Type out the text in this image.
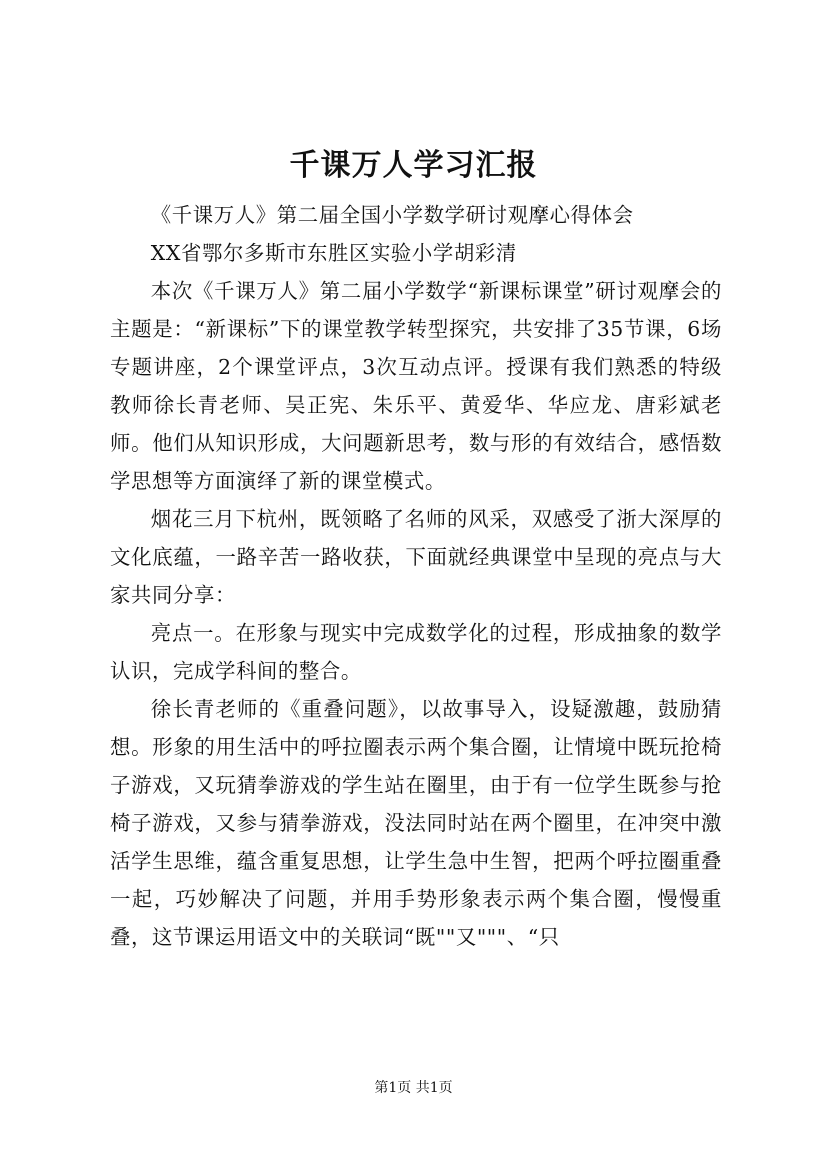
千课万人学习汇报

《千课万人》第二届全国小学数学研讨观摩心得体会

XX省鄂尔多斯市东胜区实验小学胡彩清

本次《千课万人》第二届小学数学“新课标课堂”研讨观摩会的主题是：“新课标”下的课堂教学转型探究，共安排了35节课，6场专题讲座，2个课堂评点，3次互动点评。授课有我们熟悉的特级教师徐长青老师、吴正宪、朱乐平、黄爱华、华应龙、唐彩斌老师。他们从知识形成，大问题新思考，数与形的有效结合，感悟数学思想等方面演绎了新的课堂模式。

烟花三月下杭州，既领略了名师的风采，双感受了浙大深厚的文化底蕴，一路辛苦一路收获，下面就经典课堂中呈现的亮点与大家共同分享：

亮点一。在形象与现实中完成数学化的过程，形成抽象的数学认识，完成学科间的整合。

徐长青老师的《重叠问题》，以故事导入，设疑激趣，鼓励猜想。形象的用生活中的呼拉圈表示两个集合圈，让情境中既玩抢椅子游戏，又玩猜拳游戏的学生站在圈里，由于有一位学生既参与抢椅子游戏，又参与猜拳游戏，没法同时站在两个圈里，在冲突中激活学生思维，蕴含重复思想，让学生急中生智，把两个呼拉圈重叠一起，巧妙解决了问题，并用手势形象表示两个集合圈，慢慢重叠，这节课运用语文中的关联词“既""又"""、“只

第1页 共1页
